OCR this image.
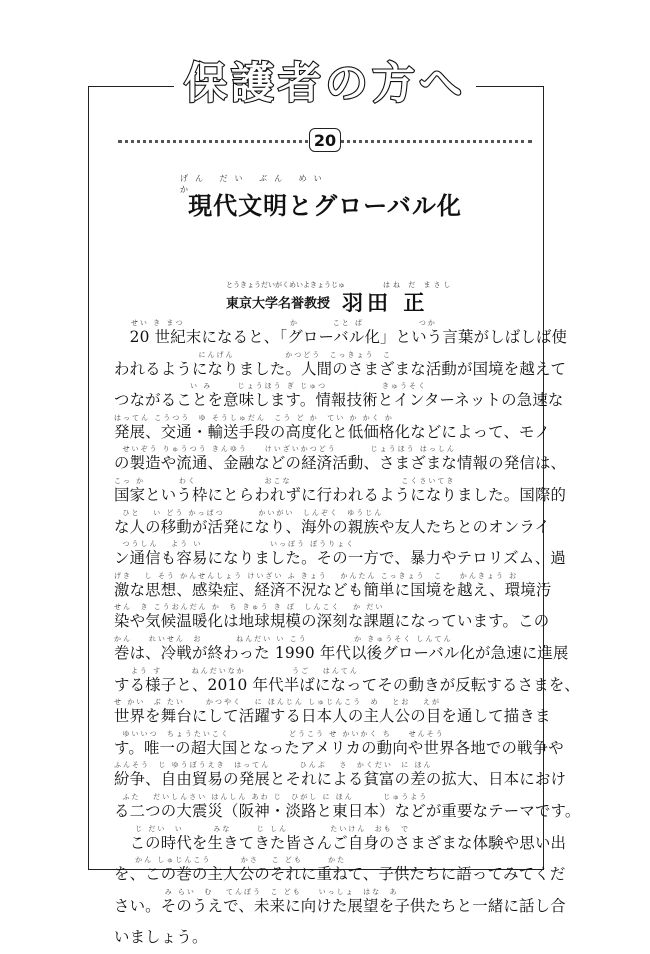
保護者の方へ
20
げん だい ぶん めい　　　　　　　　　　か
現代文明とグローバル化
とうきょうだいがくめいよきょうじゅ	はね だ まさし
東京大学名誉教授 羽田 正
せい き まつ                         か        こと ば             つか
　20 世紀末になると、「グローバル化」という言葉がしばしば使
にんげん            かつどう  こっきょう  こ
われるようになりました。人間のさまざまな活動が国境を越えて
い み      じょうほう ぎ じゅつ             きゅうそく
つながることを意味します。情報技術とインターネットの急速な
はってん こうつう  ゆ そうしゅだん  こう ど か  てい か かく か
発展、交通・輸送手段の高度化と低価格化などによって、モノ
せいぞう りゅうつう きんゆう    けいざいかつどう        じょうほう はっしん
の製造や流通、金融などの経済活動、さまざまな情報の発信は、
こっ か        わく                おこな                          こくさいてき
国家という枠にとらわれずに行われるようになりました。国際的
ひと   い どう かっぱつ        かいがい  しんぞく  ゆうじん
な人の移動が活発になり、海外の親族や友人たちとのオンライ
つうしん   よう い                いっぽう ぼうりょく
ン通信も容易になりました。その一方で、暴力やテロリズム、過
げき   し そう かんせんしょう けいざい ふ きょう   かんたん こっきょう  こ    かんきょう お
激な思想、感染症、経済不況なども簡単に国境を越え、環境汚
せん  き こうおんだん か  ち きゅう き ぼ  しんこく   か だい
染や気候温暖化は地球規模の深刻な課題になっています。この
かん    れいせん  お        ねんだい い こう           か きゅうそく しんてん
巻は、冷戦が終わった 1990 年代以後グローバル化が急速に進展
よう す       ねんだいなか           うご   はんてん
する様子と、2010 年代半ばになってその動きが反転するさまを、
せ かい  ぶ たい     かつやく   に ほんじん しゅじんこう  め   とお   えが
世界を舞台にして活躍する日本人の主人公の目を通して描きま
ゆいいつ  ちょうたいこく              どうこう せ かいかく ち    せんそう
す。唯一の超大国となったアメリカの動向や世界各地での戦争や
ふんそう  じ ゆうぼうえき  はってん       ひんぷ   さ  かくだい  に ほん
紛争、自由貿易の発展とそれによる貧富の差の拡大、日本におけ
ふた   だいしんさい はんしん あわ じ  ひがし に ほん       じゅうよう
る二つの大震災（阪神・淡路と東日本）などが重要なテーマです。
じ だい  い       みな      じ しん          たいけん  おも  で
　この時代を生きてきた皆さんご自身のさまざまな体験や思い出
かん しゅじんこう       かさ   こ ども      かた
を、この巻の主人公のそれに重ねて、子供たちに語ってみてくだ
み らい  む   てんぼう  こ ども    いっしょ  はな  あ
さい。そのうえで、未来に向けた展望を子供たちと一緒に話し合
いましょう。
